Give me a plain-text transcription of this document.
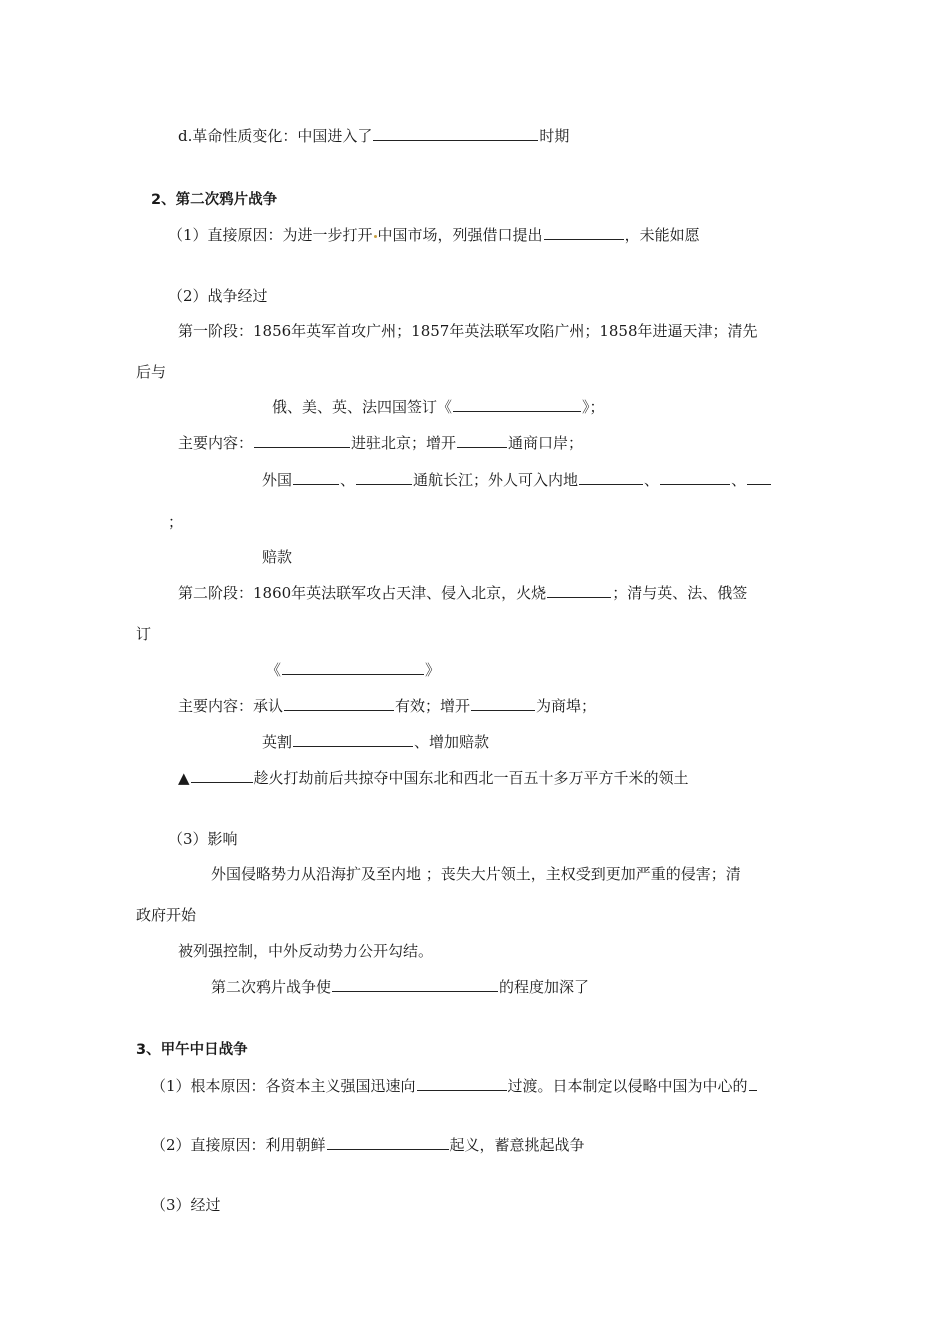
d.革命性质变化：中国进入了	时期
2、第二次鸦片战争
（1）直接原因：为进一步打开 中国市场，列强借口提出	，未能如愿
（2）战争经过
第一阶段：1856年英军首攻广州；1857年英法联军攻陷广州；1858年进逼天津；清先
后与
俄、美、英、法四国签订《	》；
主要内容：	进驻北京；增开	通商口岸；
外国	、	通航长江；外人可入内地	、	、
；
赔款
第二阶段：1860年英法联军攻占天津、侵入北京，火烧	；清与英、法、俄签
订
《	》
主要内容：承认	有效；增开	为商埠；
英割	、增加赔款
▲	趁火打劫前后共掠夺中国东北和西北一百五十多万平方千米的领土
（3）影响
外国侵略势力从沿海扩及至内地 ；丧失大片领土，主权受到更加严重的侵害；清
政府开始
被列强控制，中外反动势力公开勾结。
第二次鸦片战争使	的程度加深了
3、甲午中日战争
（1）根本原因：各资本主义强国迅速向	过渡。日本制定以侵略中国为中心的
（2）直接原因：利用朝鲜	起义，蓄意挑起战争
（3）经过
